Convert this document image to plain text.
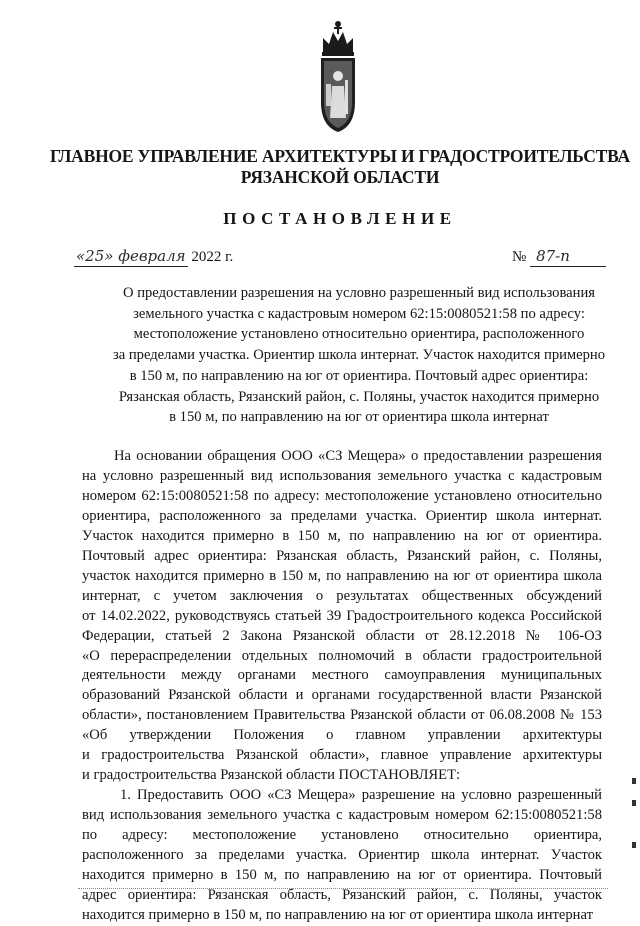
ГЛАВНОЕ УПРАВЛЕНИЕ АРХИТЕКТУРЫ И ГРАДОСТРОИТЕЛЬСТВА
РЯЗАНСКОЙ ОБЛАСТИ
ПОСТАНОВЛЕНИЕ
«25» февраля 2022 г.	№ 87-п
О предоставлении разрешения на условно разрешенный вид использования
земельного участка с кадастровым номером 62:15:0080521:58 по адресу:
местоположение установлено относительно ориентира, расположенного
за пределами участка. Ориентир школа интернат. Участок находится примерно
в 150 м, по направлению на юг от ориентира. Почтовый адрес ориентира:
Рязанская область, Рязанский район, с. Поляны, участок находится примерно
в 150 м, по направлению на юг от ориентира школа интернат
На основании обращения ООО «СЗ Мещера» о предоставлении разрешения
на условно разрешенный вид использования земельного участка с кадастровым
номером 62:15:0080521:58 по адресу: местоположение установлено относительно
ориентира, расположенного за пределами участка. Ориентир школа интернат.
Участок находится примерно в 150 м, по направлению на юг от ориентира.
Почтовый адрес ориентира: Рязанская область, Рязанский район, с. Поляны,
участок находится примерно в 150 м, по направлению на юг от ориентира школа
интернат, с учетом заключения о результатах общественных обсуждений
от 14.02.2022, руководствуясь статьей 39 Градостроительного кодекса Российской
Федерации, статьей 2 Закона Рязанской области от 28.12.2018 № 106-ОЗ
«О перераспределении отдельных полномочий в области градостроительной
деятельности между органами местного самоуправления муниципальных
образований Рязанской области и органами государственной власти Рязанской
области», постановлением Правительства Рязанской области от 06.08.2008 № 153
«Об утверждении Положения о главном управлении архитектуры
и градостроительства Рязанской области», главное управление архитектуры
и градостроительства Рязанской области ПОСТАНОВЛЯЕТ:
1. Предоставить ООО «СЗ Мещера» разрешение на условно разрешенный
вид использования земельного участка с кадастровым номером 62:15:0080521:58
по адресу: местоположение установлено относительно ориентира,
расположенного за пределами участка. Ориентир школа интернат. Участок
находится примерно в 150 м, по направлению на юг от ориентира. Почтовый
адрес ориентира: Рязанская область, Рязанский район, с. Поляны, участок
находится примерно в 150 м, по направлению на юг от ориентира школа интернат
